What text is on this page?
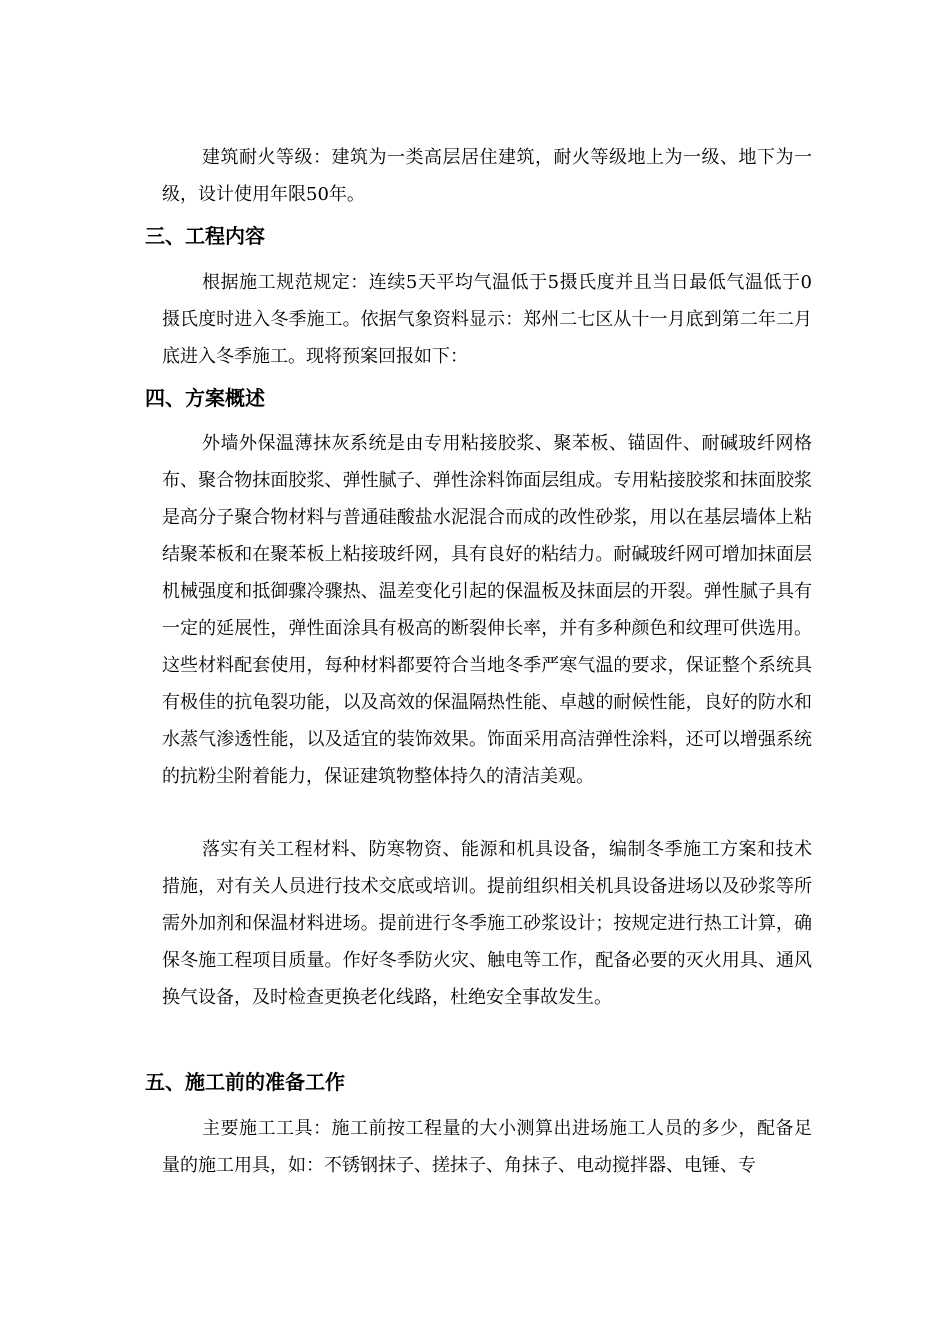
建筑耐火等级：建筑为一类高层居住建筑，耐火等级地上为一级、地下为一级，设计使用年限50年。

三、工程内容

根据施工规范规定：连续5天平均气温低于5摄氏度并且当日最低气温低于0摄氏度时进入冬季施工。依据气象资料显示：郑州二七区从十一月底到第二年二月底进入冬季施工。现将预案回报如下：

四、方案概述

外墙外保温薄抹灰系统是由专用粘接胶浆、聚苯板、锚固件、耐碱玻纤网格布、聚合物抹面胶浆、弹性腻子、弹性涂料饰面层组成。专用粘接胶浆和抹面胶浆是高分子聚合物材料与普通硅酸盐水泥混合而成的改性砂浆，用以在基层墙体上粘结聚苯板和在聚苯板上粘接玻纤网，具有良好的粘结力。耐碱玻纤网可增加抹面层机械强度和抵御骤冷骤热、温差变化引起的保温板及抹面层的开裂。弹性腻子具有一定的延展性，弹性面涂具有极高的断裂伸长率，并有多种颜色和纹理可供选用。这些材料配套使用，每种材料都要符合当地冬季严寒气温的要求，保证整个系统具有极佳的抗龟裂功能，以及高效的保温隔热性能、卓越的耐候性能，良好的防水和水蒸气渗透性能，以及适宜的装饰效果。饰面采用高洁弹性涂料，还可以增强系统的抗粉尘附着能力，保证建筑物整体持久的清洁美观。

落实有关工程材料、防寒物资、能源和机具设备，编制冬季施工方案和技术措施，对有关人员进行技术交底或培训。提前组织相关机具设备进场以及砂浆等所需外加剂和保温材料进场。提前进行冬季施工砂浆设计；按规定进行热工计算，确保冬施工程项目质量。作好冬季防火灾、触电等工作，配备必要的灭火用具、通风换气设备，及时检查更换老化线路，杜绝安全事故发生。

五、施工前的准备工作

主要施工工具：施工前按工程量的大小测算出进场施工人员的多少，配备足量的施工用具，如：不锈钢抹子、搓抹子、角抹子、电动搅拌器、电锤、专
